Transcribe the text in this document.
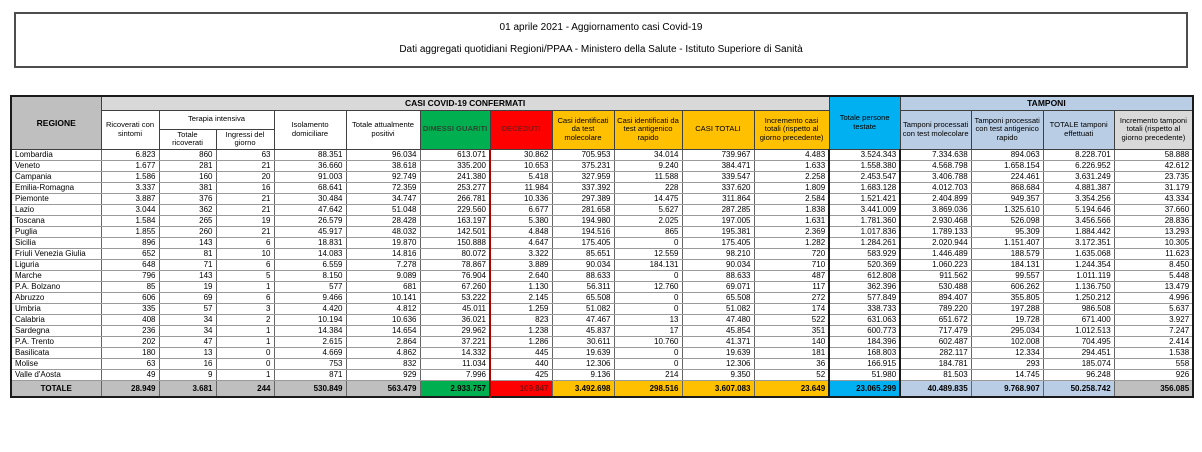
01 aprile 2021 - Aggiornamento casi Covid-19
Dati aggregati quotidiani Regioni/PPAA - Ministero della Salute - Istituto Superiore di Sanità
REGIONE	CASI COVID-19 CONFERMATI											Totale persone testate	TAMPONI			
	Ricoverati con sintomi	Terapia intensiva		Isolamento domiciliare	Totale attualmente positivi	DIMESSI GUARITI	DECEDUTI	Casi identificati da test molecolare	Casi identificati da test antigenico rapido	CASI TOTALI	Incremento casi totali (rispetto al giorno precedente)		Tamponi processati con test molecolare	Tamponi processati con test antigenico rapido	TOTALE tamponi effettuati	Incremento tamponi totali (rispetto al giorno precedente)
		Totale ricoverati	Ingressi del giorno													
Lombardia	6.823	860	63	88.351	96.034	613.071	30.862	705.953	34.014	739.967	4.483	3.524.343	7.334.638	894.063	8.228.701	58.888
Veneto	1.677	281	21	36.660	38.618	335.200	10.653	375.231	9.240	384.471	1.633	1.558.380	4.568.798	1.658.154	6.226.952	42.612
Campania	1.586	160	20	91.003	92.749	241.380	5.418	327.959	11.588	339.547	2.258	2.453.547	3.406.788	224.461	3.631.249	23.735
Emilia-Romagna	3.337	381	16	68.641	72.359	253.277	11.984	337.392	228	337.620	1.809	1.683.128	4.012.703	868.684	4.881.387	31.179
Piemonte	3.887	376	21	30.484	34.747	266.781	10.336	297.389	14.475	311.864	2.584	1.521.421	2.404.899	949.357	3.354.256	43.334
Lazio	3.044	362	21	47.642	51.048	229.560	6.677	281.658	5.627	287.285	1.838	3.441.009	3.869.036	1.325.610	5.194.646	37.660
Toscana	1.584	265	19	26.579	28.428	163.197	5.380	194.980	2.025	197.005	1.631	1.781.360	2.930.468	526.098	3.456.566	28.836
Puglia	1.855	260	21	45.917	48.032	142.501	4.848	194.516	865	195.381	2.369	1.017.836	1.789.133	95.309	1.884.442	13.293
Sicilia	896	143	6	18.831	19.870	150.888	4.647	175.405	0	175.405	1.282	1.284.261	2.020.944	1.151.407	3.172.351	10.305
Friuli Venezia Giulia	652	81	10	14.083	14.816	80.072	3.322	85.651	12.559	98.210	720	583.929	1.446.489	188.579	1.635.068	11.623
Liguria	648	71	6	6.559	7.278	78.867	3.889	90.034	184.131	90.034	710	520.369	1.060.223	184.131	1.244.354	8.450
Marche	796	143	5	8.150	9.089	76.904	2.640	88.633	0	88.633	487	612.808	911.562	99.557	1.011.119	5.448
P.A. Bolzano	85	19	1	577	681	67.260	1.130	56.311	12.760	69.071	117	362.396	530.488	606.262	1.136.750	13.479
Abruzzo	606	69	6	9.466	10.141	53.222	2.145	65.508	0	65.508	272	577.849	894.407	355.805	1.250.212	4.996
Umbria	335	57	3	4.420	4.812	45.011	1.259	51.082	0	51.082	174	338.733	789.220	197.288	986.508	5.637
Calabria	408	34	2	10.194	10.636	36.021	823	47.467	13	47.480	522	631.063	651.672	19.728	671.400	3.927
Sardegna	236	34	1	14.384	14.654	29.962	1.238	45.837	17	45.854	351	600.773	717.479	295.034	1.012.513	7.247
P.A. Trento	202	47	1	2.615	2.864	37.221	1.286	30.611	10.760	41.371	140	184.396	602.487	102.008	704.495	2.414
Basilicata	180	13	0	4.669	4.862	14.332	445	19.639	0	19.639	181	168.803	282.117	12.334	294.451	1.538
Molise	63	16	0	753	832	11.034	440	12.306	0	12.306	36	166.915	184.781	293	185.074	558
Valle d'Aosta	49	9	1	871	929	7.996	425	9.136	214	9.350	52	51.980	81.503	14.745	96.248	926
TOTALE	28.949	3.681	244	530.849	563.479	2.933.757	109.847	3.492.698	298.516	3.607.083	23.649	23.065.299	40.489.835	9.768.907	50.258.742	356.085
